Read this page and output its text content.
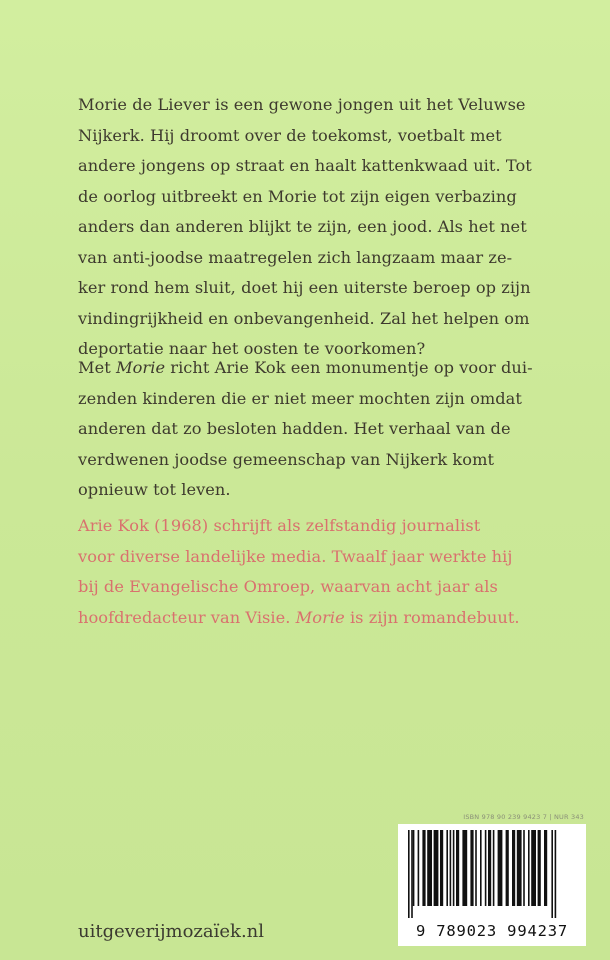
Morie de Liever is een gewone jongen uit het Veluwse
Nijkerk. Hij droomt over de toekomst, voetbalt met
andere jongens op straat en haalt kattenkwaad uit. Tot
de oorlog uitbreekt en Morie tot zijn eigen verbazing
anders dan anderen blijkt te zijn, een jood. Als het net
van anti-joodse maatregelen zich langzaam maar ze-
ker rond hem sluit, doet hij een uiterste beroep op zijn
vindingrijkheid en onbevangenheid. Zal het helpen om
deportatie naar het oosten te voorkomen?

Met Morie richt Arie Kok een monumentje op voor dui-
zenden kinderen die er niet meer mochten zijn omdat
anderen dat zo besloten hadden. Het verhaal van de
verdwenen joodse gemeenschap van Nijkerk komt
opnieuw tot leven.

Arie Kok (1968) schrijft als zelfstandig journalist
voor diverse landelijke media. Twaalf jaar werkte hij
bij de Evangelische Omroep, waarvan acht jaar als
hoofdredacteur van Visie. Morie is zijn romandebuut.

ISBN 978 90 239 9423 7 | NUR 343
9 789023 994237
uitgeverijmozaïek.nl
